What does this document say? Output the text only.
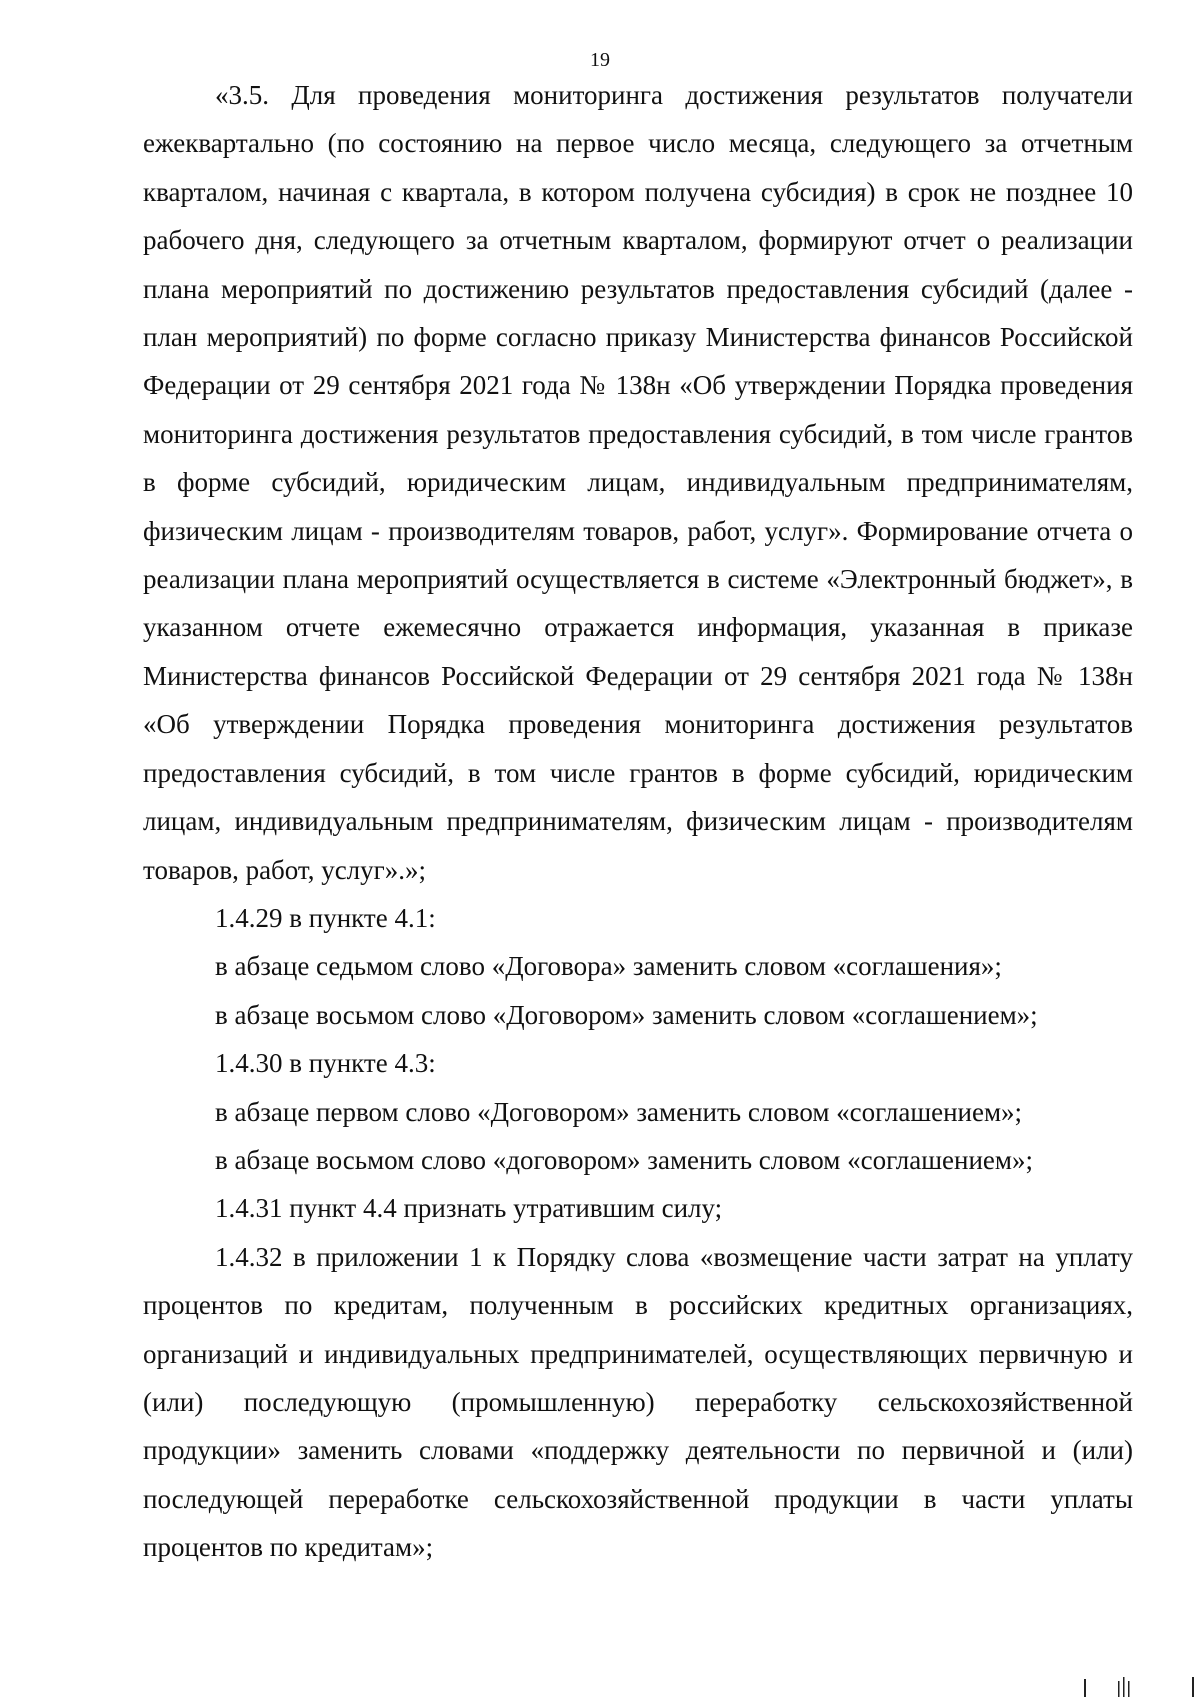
19

«3.5. Для проведения мониторинга достижения результатов получатели ежеквартально (по состоянию на первое число месяца, следующего за отчетным кварталом, начиная с квартала, в котором получена субсидия) в срок не позднее 10 рабочего дня, следующего за отчетным кварталом, формируют отчет о реализации плана мероприятий по достижению результатов предоставления субсидий (далее - план мероприятий) по форме согласно приказу Министерства финансов Российской Федерации от 29 сентября 2021 года № 138н «Об утверждении Порядка проведения мониторинга достижения результатов предоставления субсидий, в том числе грантов в форме субсидий, юридическим лицам, индивидуальным предпринимателям, физическим лицам - производителям товаров, работ, услуг». Формирование отчета о реализации плана мероприятий осуществляется в системе «Электронный бюджет», в указанном отчете ежемесячно отражается информация, указанная в приказе Министерства финансов Российской Федерации от 29 сентября 2021 года № 138н «Об утверждении Порядка проведения мониторинга достижения результатов предоставления субсидий, в том числе грантов в форме субсидий, юридическим лицам, индивидуальным предпринимателям, физическим лицам - производителям товаров, работ, услуг».»;

1.4.29 в пункте 4.1:

в абзаце седьмом слово «Договора» заменить словом «соглашения»;

в абзаце восьмом слово «Договором» заменить словом «соглашением»;

1.4.30 в пункте 4.3:

в абзаце первом слово «Договором» заменить словом «соглашением»;

в абзаце восьмом слово «договором» заменить словом «соглашением»;

1.4.31 пункт 4.4 признать утратившим силу;

1.4.32 в приложении 1 к Порядку слова «возмещение части затрат на уплату процентов по кредитам, полученным в российских кредитных организациях, организаций и индивидуальных предпринимателей, осуществляющих первичную и (или) последующую (промышленную) переработку сельскохозяйственной продукции» заменить словами «поддержку деятельности по первичной и (или) последующей переработке сельскохозяйственной продукции в части уплаты процентов по кредитам»;
